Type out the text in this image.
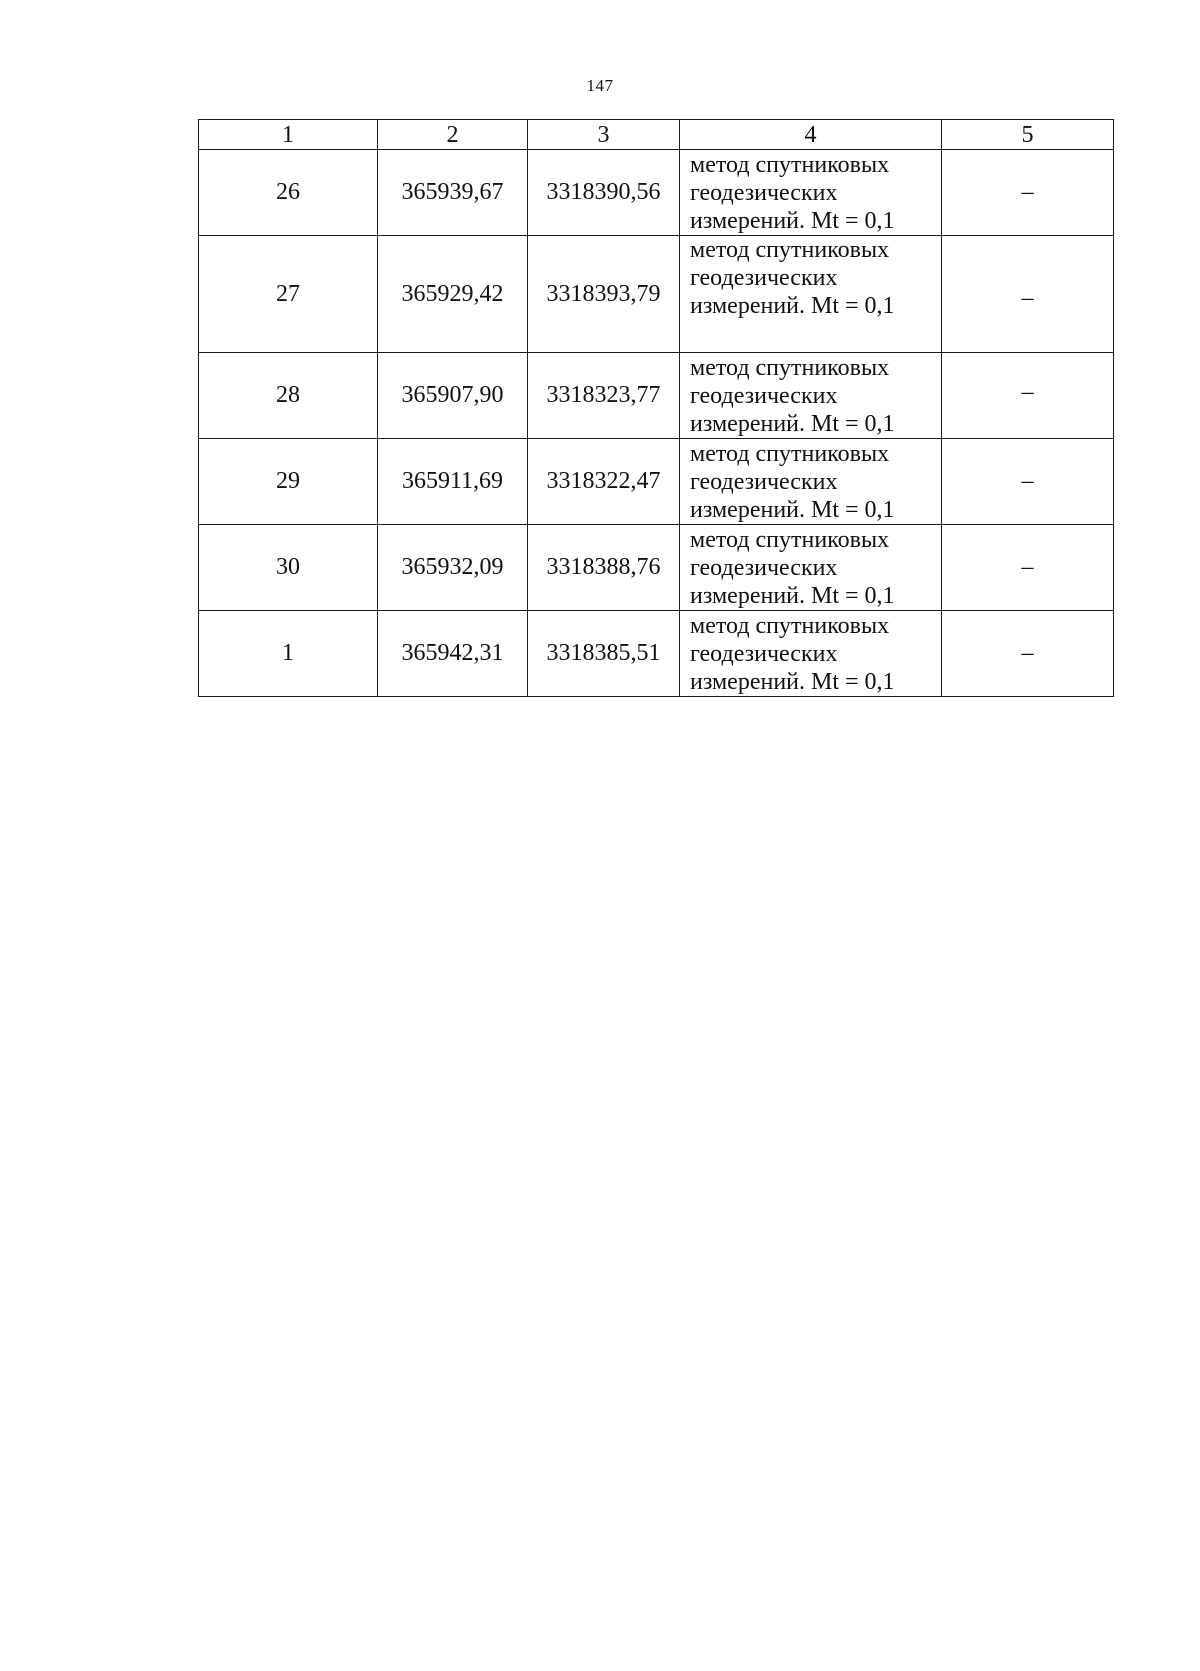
147
1	2	3	4	5
26	365939,67	3318390,56	метод спутниковых
геодезических
измерений. Mt = 0,1	–
27	365929,42	3318393,79	метод спутниковых
геодезических
измерений. Mt = 0,1	–
28	365907,90	3318323,77	метод спутниковых
геодезических
измерений. Mt = 0,1	–
29	365911,69	3318322,47	метод спутниковых
геодезических
измерений. Mt = 0,1	–
30	365932,09	3318388,76	метод спутниковых
геодезических
измерений. Mt = 0,1	–
1	365942,31	3318385,51	метод спутниковых
геодезических
измерений. Mt = 0,1	–
